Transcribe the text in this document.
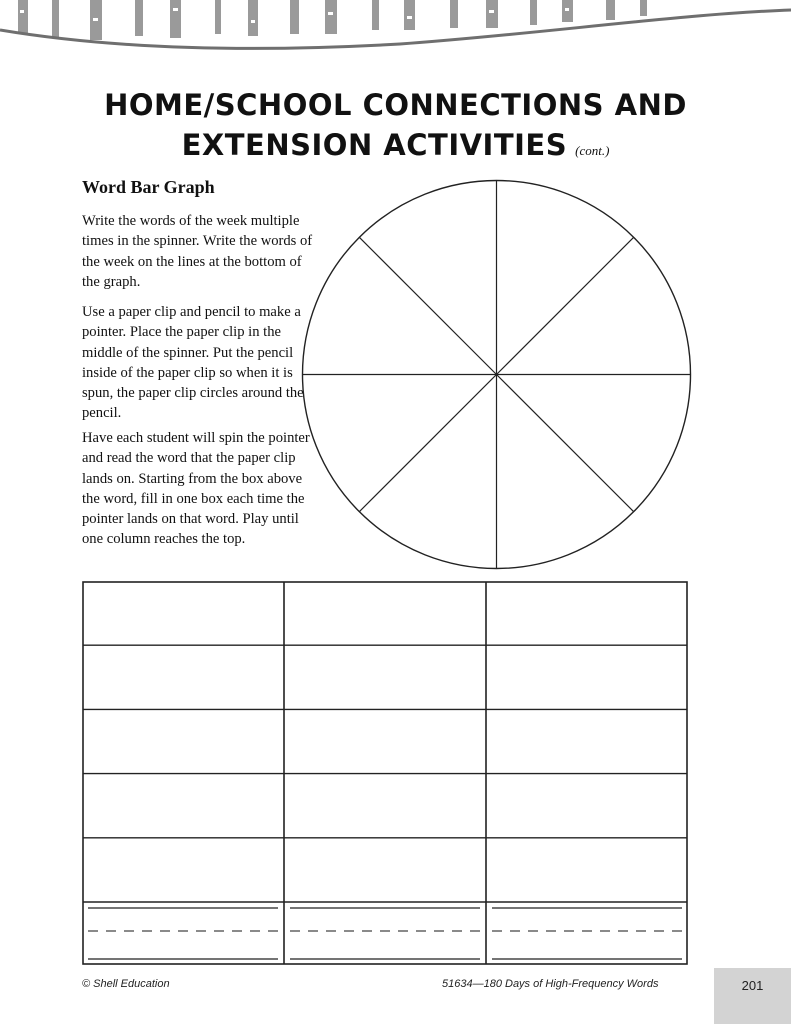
HOME/SCHOOL CONNECTIONS AND
EXTENSION ACTIVITIES (cont.)
Word Bar Graph

Write the words of the week multiple times in the spinner. Write the words of the week on the lines at the bottom of the graph.

Use a paper clip and pencil to make a pointer. Place the paper clip in the middle of the spinner. Put the pencil inside of the paper clip so when it is spun, the paper clip circles around the pencil.

Have each student will spin the pointer and read the word that the paper clip lands on. Starting from the box above the word, fill in one box each time the pointer lands on that word. Play until one column reaches the top.

© Shell Education	51634—180 Days of High-Frequency Words	201
